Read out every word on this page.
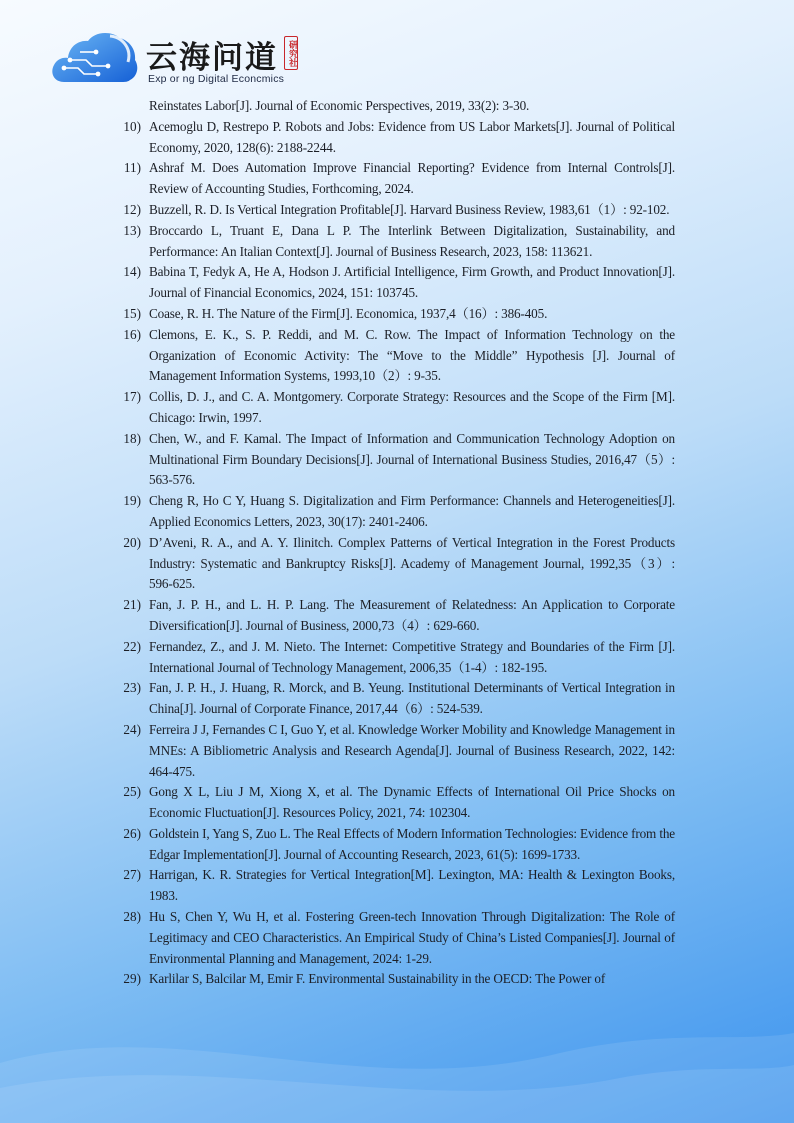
云海问道	研究社
Exp or ng Digital Econcmics

Reinstates Labor[J]. Journal of Economic Perspectives, 2019, 33(2): 3-30.

10) Acemoglu D, Restrepo P. Robots and Jobs: Evidence from US Labor Markets[J]. Journal of Political Economy, 2020, 128(6): 2188-2244.

11) Ashraf M. Does Automation Improve Financial Reporting? Evidence from Internal Controls[J]. Review of Accounting Studies, Forthcoming, 2024.

12) Buzzell, R. D. Is Vertical Integration Profitable[J]. Harvard Business Review, 1983,61（1）: 92-102.

13) Broccardo L, Truant E, Dana L P. The Interlink Between Digitalization, Sustainability, and Performance: An Italian Context[J]. Journal of Business Research, 2023, 158: 113621.

14) Babina T, Fedyk A, He A, Hodson J. Artificial Intelligence, Firm Growth, and Product Innovation[J]. Journal of Financial Economics, 2024, 151: 103745.

15) Coase, R. H. The Nature of the Firm[J]. Economica, 1937,4（16）: 386-405.

16) Clemons, E. K., S. P. Reddi, and M. C. Row. The Impact of Information Technology on the Organization of Economic Activity: The “Move to the Middle” Hypothesis [J]. Journal of Management Information Systems, 1993,10（2）: 9-35.

17) Collis, D. J., and C. A. Montgomery. Corporate Strategy: Resources and the Scope of the Firm [M]. Chicago: Irwin, 1997.

18) Chen, W., and F. Kamal. The Impact of Information and Communication Technology Adoption on Multinational Firm Boundary Decisions[J]. Journal of International Business Studies, 2016,47（5）: 563-576.

19) Cheng R, Ho C Y, Huang S. Digitalization and Firm Performance: Channels and Heterogeneities[J]. Applied Economics Letters, 2023, 30(17): 2401-2406.

20) D’Aveni, R. A., and A. Y. Ilinitch. Complex Patterns of Vertical Integration in the Forest Products Industry: Systematic and Bankruptcy Risks[J]. Academy of Management Journal, 1992,35（3）: 596-625.

21) Fan, J. P. H., and L. H. P. Lang. The Measurement of Relatedness: An Application to Corporate Diversification[J]. Journal of Business, 2000,73（4）: 629-660.

22) Fernandez, Z., and J. M. Nieto. The Internet: Competitive Strategy and Boundaries of the Firm [J]. International Journal of Technology Management, 2006,35（1-4）: 182-195.

23) Fan, J. P. H., J. Huang, R. Morck, and B. Yeung. Institutional Determinants of Vertical Integration in China[J]. Journal of Corporate Finance, 2017,44（6）: 524-539.

24) Ferreira J J, Fernandes C I, Guo Y, et al. Knowledge Worker Mobility and Knowledge Management in MNEs: A Bibliometric Analysis and Research Agenda[J]. Journal of Business Research, 2022, 142: 464-475.

25) Gong X L, Liu J M, Xiong X, et al. The Dynamic Effects of International Oil Price Shocks on Economic Fluctuation[J]. Resources Policy, 2021, 74: 102304.

26) Goldstein I, Yang S, Zuo L. The Real Effects of Modern Information Technologies: Evidence from the Edgar Implementation[J]. Journal of Accounting Research, 2023, 61(5): 1699-1733.

27) Harrigan, K. R. Strategies for Vertical Integration[M]. Lexington, MA: Health & Lexington Books, 1983.

28) Hu S, Chen Y, Wu H, et al. Fostering Green-tech Innovation Through Digitalization: The Role of Legitimacy and CEO Characteristics. An Empirical Study of China’s Listed Companies[J]. Journal of Environmental Planning and Management, 2024: 1-29.

29) Karlilar S, Balcilar M, Emir F. Environmental Sustainability in the OECD: The Power of
